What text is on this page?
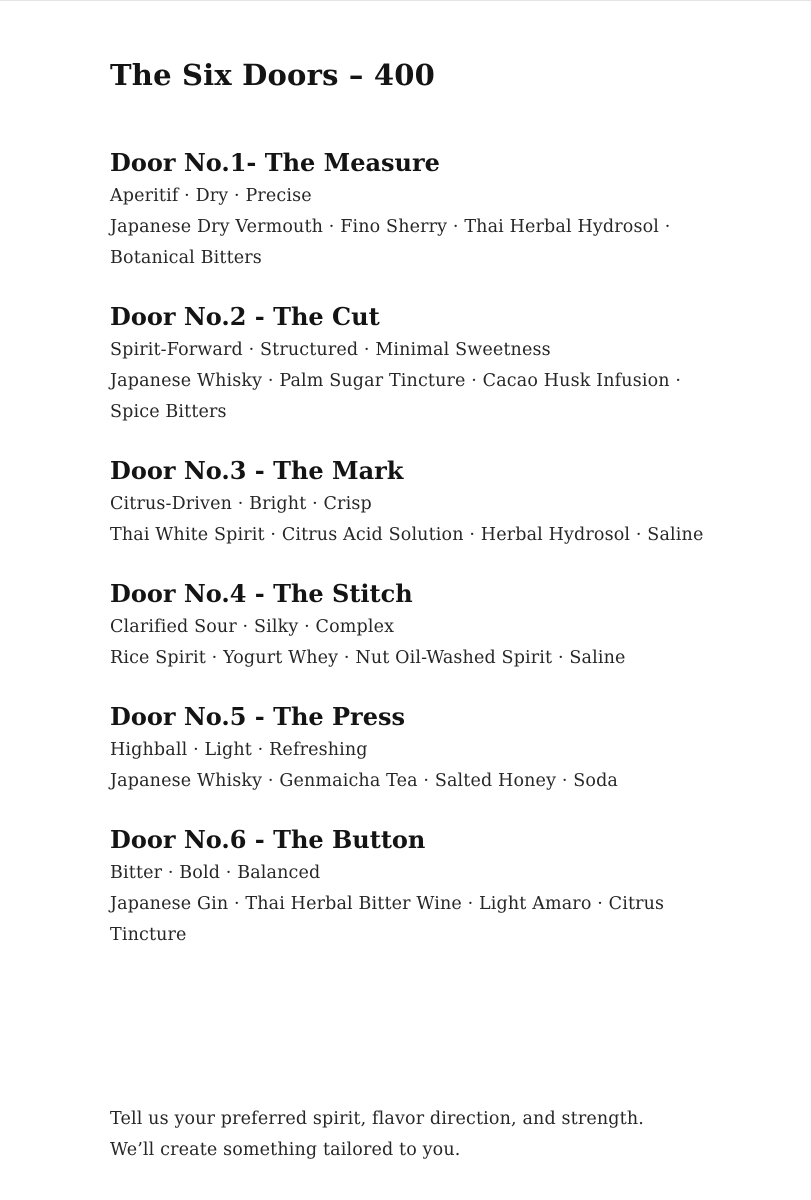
The Six Doors – 400
Door No.1- The Measure

Aperitif · Dry · Precise

Japanese Dry Vermouth · Fino Sherry · Thai Herbal Hydrosol ·

Botanical Bitters

Door No.2 - The Cut

Spirit-Forward · Structured · Minimal Sweetness

Japanese Whisky · Palm Sugar Tincture · Cacao Husk Infusion ·

Spice Bitters

Door No.3 - The Mark

Citrus-Driven · Bright · Crisp

Thai White Spirit · Citrus Acid Solution · Herbal Hydrosol · Saline

Door No.4 - The Stitch

Clarified Sour · Silky · Complex

Rice Spirit · Yogurt Whey · Nut Oil-Washed Spirit · Saline

Door No.5 - The Press

Highball · Light · Refreshing

Japanese Whisky · Genmaicha Tea · Salted Honey · Soda

Door No.6 - The Button

Bitter · Bold · Balanced

Japanese Gin · Thai Herbal Bitter Wine · Light Amaro · Citrus

Tincture

Tell us your preferred spirit, flavor direction, and strength.

We’ll create something tailored to you.
